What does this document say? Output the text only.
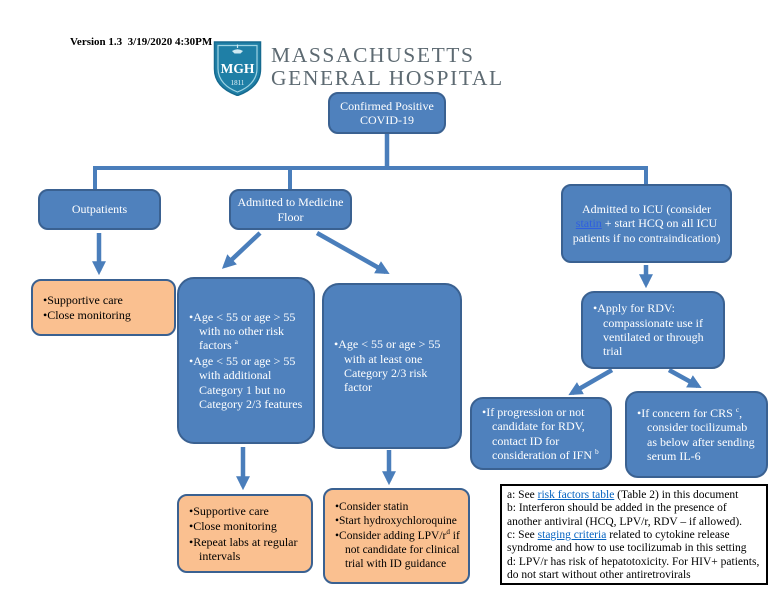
Version 1.3  3/19/2020 4:30PM
MGH
1811
MASSACHUSETTS
GENERAL HOSPITAL
Confirmed Positive COVID-19
Outpatients
Admitted to Medicine Floor
Admitted to ICU (consider statin + start HCQ on all ICU patients if no contraindication)
• Supportive care
• Close monitoring	• Age < 55 or age > 55 with no other risk factors $^a$
• Age < 55 or age > 55 with additional Category 1 but no Category 2/3 features
• Age < 55 or age > 55 with at least one Category 2/3 risk factor
• Apply for RDV: compassionate use if ventilated or through trial
• If progression or not candidate for RDV, contact ID for consideration of IFN $^b$
• If concern for CRS $^c$, consider tocilizumab as below after sending serum IL-6
• Supportive care
• Close monitoring
• Repeat labs at regular intervals
• Consider statin
• Start hydroxychloroquine
• Consider adding LPV/$r^d$ if not candidate for clinical trial with ID guidance
a: See risk factors table (Table 2) in this document
b: Interferon should be added in the presence of another antiviral (HCQ, LPV/r, RDV – if allowed).
c: See staging criteria related to cytokine release syndrome and how to use tocilizumab in this setting
d: LPV/r has risk of hepatotoxicity. For HIV+ patients, do not start without other antiretrovirals
